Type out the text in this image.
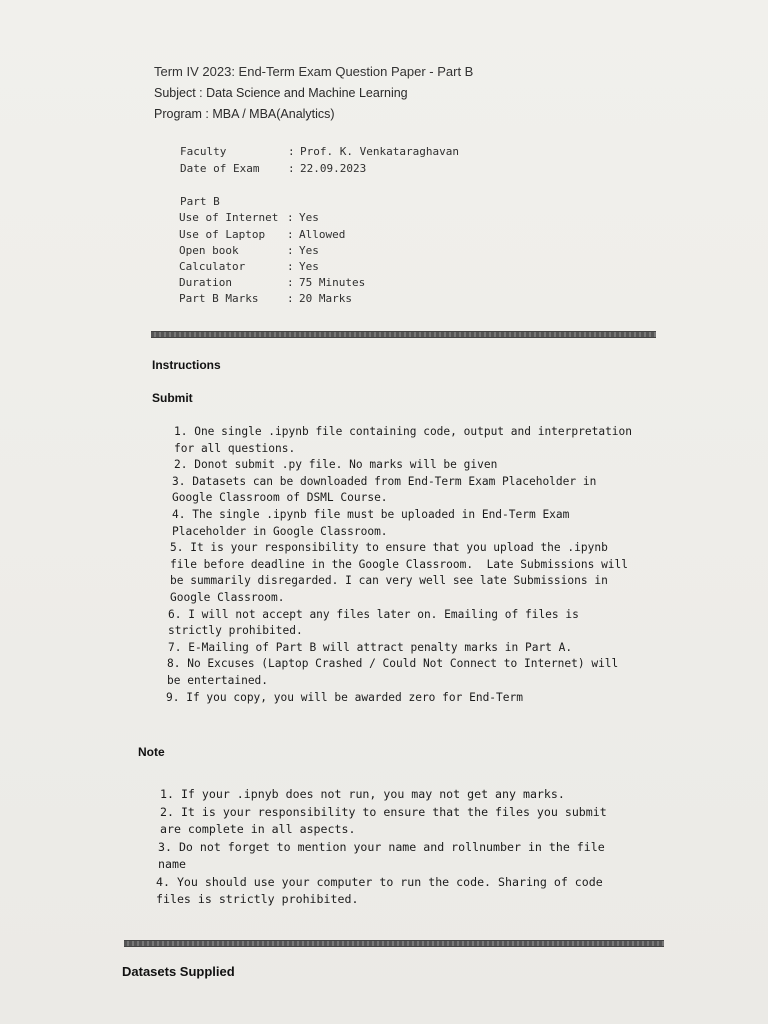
Term IV 2023: End-Term Exam Question Paper - Part B
Subject : Data Science and Machine Learning
Program : MBA / MBA(Analytics)
Faculty	: Prof. K. Venkataraghavan
Date of Exam	: 22.09.2023
Part B
Use of Internet : Yes
Use of Laptop : Allowed
Open book	: Yes
Calculator	: Yes
Duration	: 75 Minutes
Part B Marks	: 20 Marks
Instructions
Submit

1. One single .ipynb file containing code, output and interpretation for all questions.

2. Donot submit .py file. No marks will be given

3. Datasets can be downloaded from End-Term Exam Placeholder in Google Classroom of DSML Course.

4. The single .ipynb file must be uploaded in End-Term Exam Placeholder in Google Classroom.

5. It is your responsibility to ensure that you upload the .ipynb file before deadline in the Google Classroom.  Late Submissions will be summarily disregarded. I can very well see late Submissions in Google Classroom.

6. I will not accept any files later on. Emailing of files is strictly prohibited.

7. E-Mailing of Part B will attract penalty marks in Part A.

8. No Excuses (Laptop Crashed / Could Not Connect to Internet) will be entertained.

9. If you copy, you will be awarded zero for End-Term

Note

1. If your .ipnyb does not run, you may not get any marks.

2. It is your responsibility to ensure that the files you submit are complete in all aspects.

3. Do not forget to mention your name and rollnumber in the file name

4. You should use your computer to run the code. Sharing of code files is strictly prohibited.

Datasets Supplied
